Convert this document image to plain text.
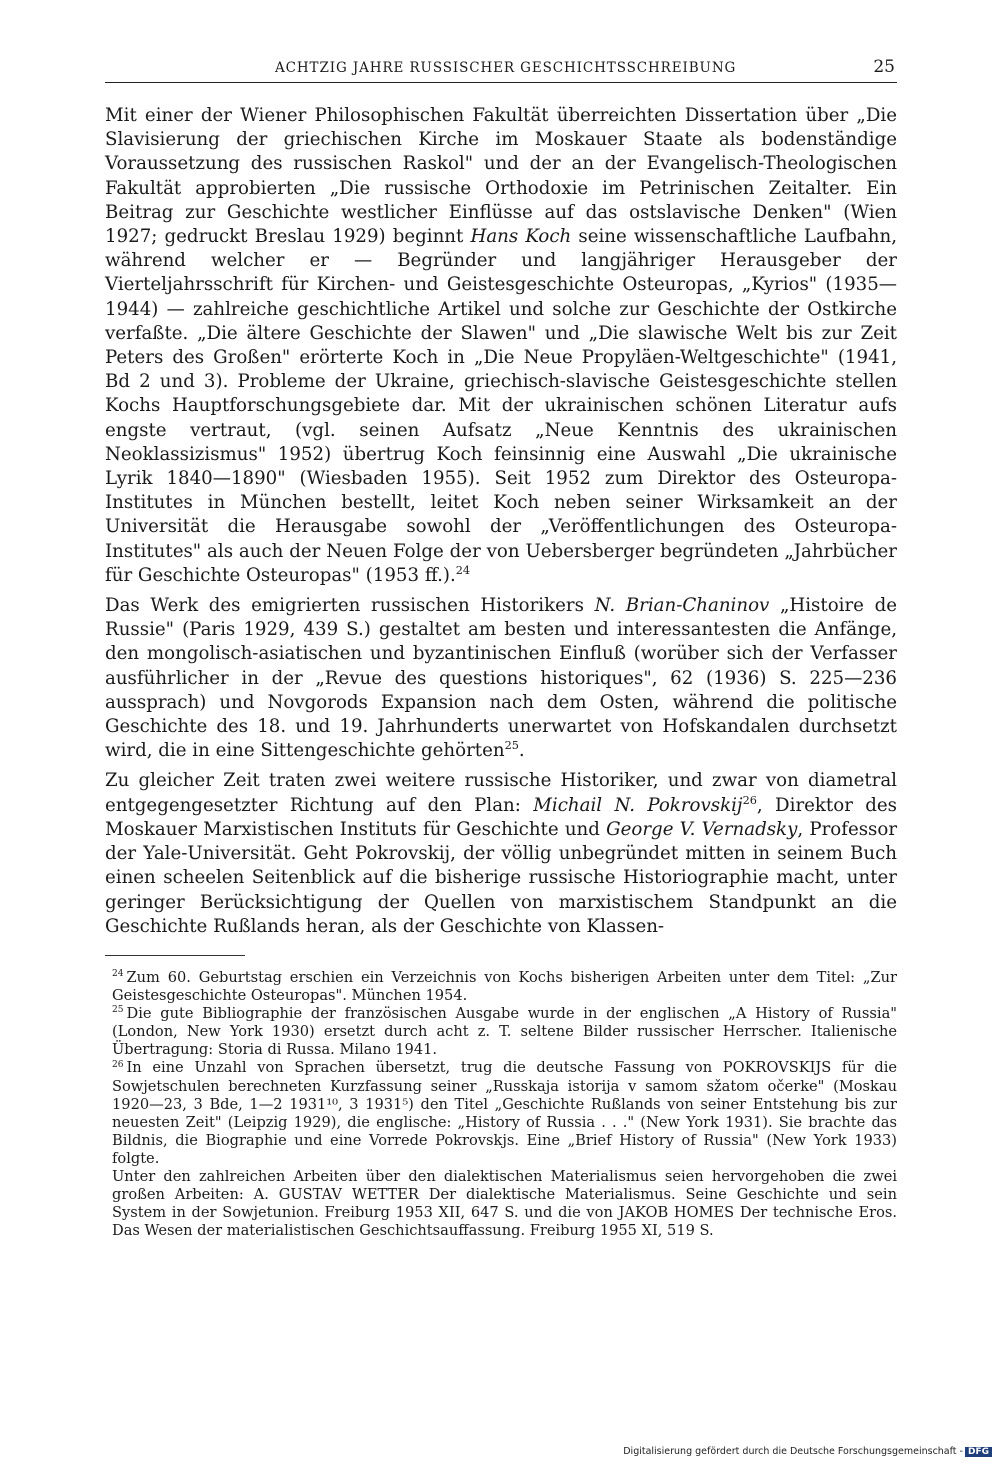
ACHTZIG JAHRE RUSSISCHER GESCHICHTSSCHREIBUNG	25

Mit einer der Wiener Philosophischen Fakultät überreichten Dissertation über „Die Slavisierung der griechischen Kirche im Moskauer Staate als bodenständige Voraussetzung des russischen Raskol" und der an der Evangelisch-Theologischen Fakultät approbierten „Die russische Orthodoxie im Petrinischen Zeitalter. Ein Beitrag zur Geschichte westlicher Einflüsse auf das ostslavische Denken" (Wien 1927; gedruckt Breslau 1929) beginnt Hans Koch seine wissenschaftliche Laufbahn, während welcher er — Begründer und langjähriger Herausgeber der Vierteljahrsschrift für Kirchen- und Geistesgeschichte Osteuropas, „Kyrios" (1935—1944) — zahlreiche geschichtliche Artikel und solche zur Geschichte der Ostkirche verfaßte. „Die ältere Geschichte der Slawen" und „Die slawische Welt bis zur Zeit Peters des Großen" erörterte Koch in „Die Neue Propyläen-Weltgeschichte" (1941, Bd 2 und 3). Probleme der Ukraine, griechisch-slavische Geistesgeschichte stellen Kochs Hauptforschungsgebiete dar. Mit der ukrainischen schönen Literatur aufs engste vertraut, (vgl. seinen Aufsatz „Neue Kenntnis des ukrainischen Neoklassizismus" 1952) übertrug Koch feinsinnig eine Auswahl „Die ukrainische Lyrik 1840—1890" (Wiesbaden 1955). Seit 1952 zum Direktor des Osteuropa-Institutes in München bestellt, leitet Koch neben seiner Wirksamkeit an der Universität die Herausgabe sowohl der „Veröffentlichungen des Osteuropa-Institutes" als auch der Neuen Folge der von Uebersberger begründeten „Jahrbücher für Geschichte Osteuropas" (1953 ff.).$^{24}$

Das Werk des emigrierten russischen Historikers N. Brian-Chaninov „Histoire de Russie" (Paris 1929, 439 S.) gestaltet am besten und interessantesten die Anfänge, den mongolisch-asiatischen und byzantinischen Einfluß (worüber sich der Verfasser ausführlicher in der „Revue des questions historiques", 62 (1936) S. 225—236 aussprach) und Novgorods Expansion nach dem Osten, während die politische Geschichte des 18. und 19. Jahrhunderts unerwartet von Hofskandalen durchsetzt wird, die in eine Sittengeschichte gehörten$^{25}$.

Zu gleicher Zeit traten zwei weitere russische Historiker, und zwar von diametral entgegengesetzter Richtung auf den Plan: Michail N. Pokrovskij$^{26}$, Direktor des Moskauer Marxistischen Instituts für Geschichte und George V. Vernadsky, Professor der Yale-Universität. Geht Pokrovskij, der völlig unbegründet mitten in seinem Buch einen scheelen Seitenblick auf die bisherige russische Historiographie macht, unter geringer Berücksichtigung der Quellen von marxistischem Standpunkt an die Geschichte Rußlands heran, als der Geschichte von Klassen-

$^{24}$ Zum 60. Geburtstag erschien ein Verzeichnis von Kochs bisherigen Arbeiten unter dem Titel: „Zur Geistesgeschichte Osteuropas". München 1954.

$^{25}$ Die gute Bibliographie der französischen Ausgabe wurde in der englischen „A History of Russia" (London, New York 1930) ersetzt durch acht z. T. seltene Bilder russischer Herrscher. Italienische Übertragung: Storia di Russa. Milano 1941.

$^{26}$ In eine Unzahl von Sprachen übersetzt, trug die deutsche Fassung von POKROVSKIJS für die Sowjetschulen berechneten Kurzfassung seiner „Russkaja istorija v samom sžatom očerke" (Moskau 1920—23, 3 Bde, 1—2 1931¹⁰, 3 1931⁵) den Titel „Geschichte Rußlands von seiner Entstehung bis zur neuesten Zeit" (Leipzig 1929), die englische: „History of Russia . . ." (New York 1931). Sie brachte das Bildnis, die Biographie und eine Vorrede Pokrovskjs. Eine „Brief History of Russia" (New York 1933) folgte.

Unter den zahlreichen Arbeiten über den dialektischen Materialismus seien hervorgehoben die zwei großen Arbeiten: A. GUSTAV WETTER Der dialektische Materialismus. Seine Geschichte und sein System in der Sowjetunion. Freiburg 1953 XII, 647 S. und die von JAKOB HOMES Der technische Eros. Das Wesen der materialistischen Geschichtsauffassung. Freiburg 1955 XI, 519 S.

Digitalisierung gefördert durch die Deutsche Forschungsgemeinschaft - DFG
